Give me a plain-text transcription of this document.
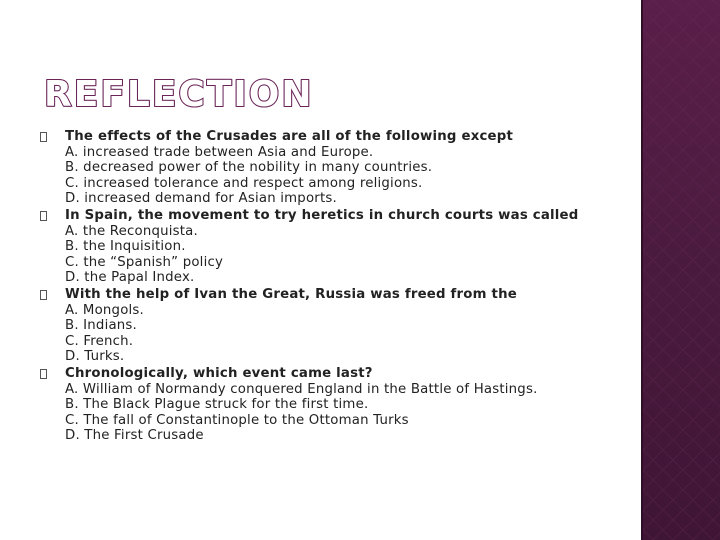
REFLECTION
The effects of the Crusades are all of the following except
A. increased trade between Asia and Europe.
B. decreased power of the nobility in many countries.
C. increased tolerance and respect among religions.
D. increased demand for Asian imports.
In Spain, the movement to try heretics in church courts was called
A. the Reconquista.
B. the Inquisition.
C. the “Spanish” policy
D. the Papal Index.
With the help of Ivan the Great, Russia was freed from the
A. Mongols.
B. Indians.
C. French.
D. Turks.
Chronologically, which event came last?
A. William of Normandy conquered England in the Battle of Hastings.
B. The Black Plague struck for the first time.
C. The fall of Constantinople to the Ottoman Turks
D. The First Crusade
